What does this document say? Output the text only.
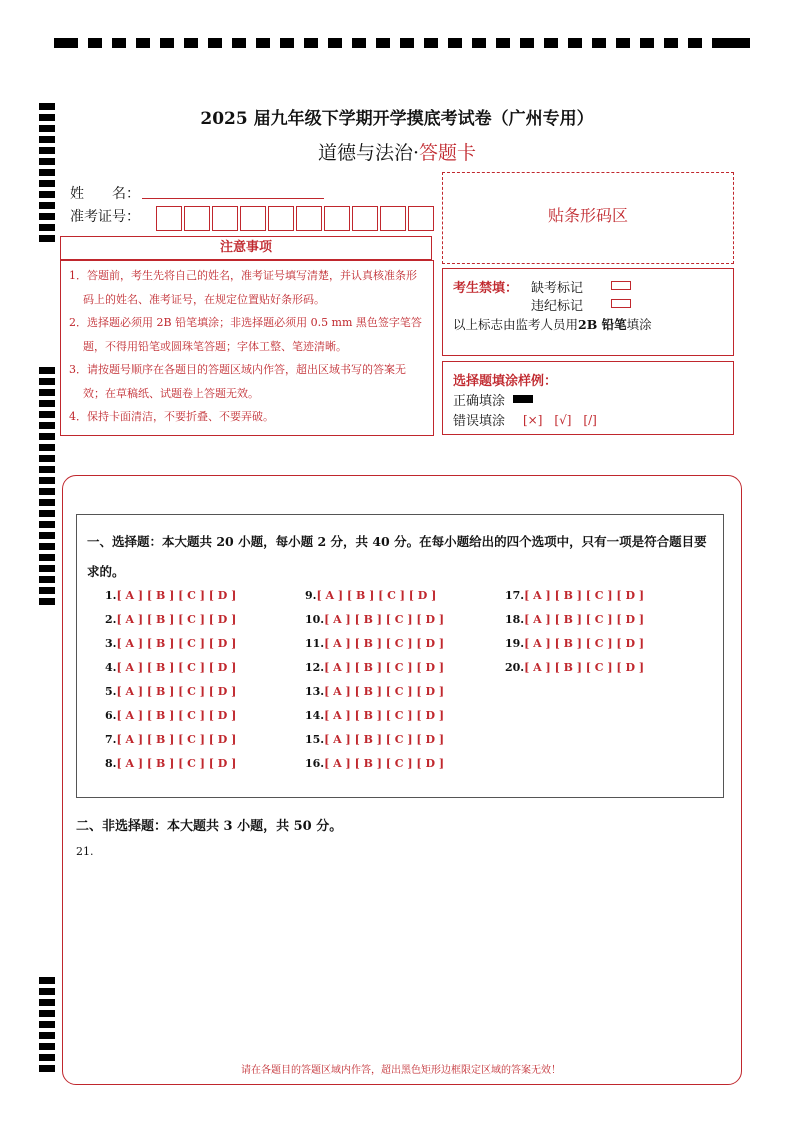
2025 届九年级下学期开学摸底考试卷（广州专用）
道德与法治·答题卡
姓　　名：
准考证号：
注意事项

1．答题前，考生先将自己的姓名，准考证号填写清楚，并认真核准条形码上的姓名、准考证号，在规定位置贴好条形码。

2．选择题必须用 2B 铅笔填涂；非选择题必须用 0.5 mm 黑色签字笔答题，不得用铅笔或圆珠笔答题；字体工整、笔迹清晰。

3．请按题号顺序在各题目的答题区域内作答，超出区域书写的答案无效；在草稿纸、试题卷上答题无效。

4．保持卡面清洁，不要折叠、不要弄破。

贴条形码区
考生禁填： 缺考标记
违纪标记
以上标志由监考人员用2B 铅笔填涂
选择题填涂样例：
正确填涂
错误填涂 [×]　[√]　[/]
一、选择题：本大题共 20 小题，每小题 2 分，共 40 分。在每小题给出的四个选项中，只有一项是符合题目要求的。
1.[ A ] [ B ] [ C ] [ D ]
2.[ A ] [ B ] [ C ] [ D ]
3.[ A ] [ B ] [ C ] [ D ]
4.[ A ] [ B ] [ C ] [ D ]
5.[ A ] [ B ] [ C ] [ D ]
6.[ A ] [ B ] [ C ] [ D ]
7.[ A ] [ B ] [ C ] [ D ]
8.[ A ] [ B ] [ C ] [ D ]
9.[ A ] [ B ] [ C ] [ D ]
10.[ A ] [ B ] [ C ] [ D ]
11.[ A ] [ B ] [ C ] [ D ]
12.[ A ] [ B ] [ C ] [ D ]
13.[ A ] [ B ] [ C ] [ D ]
14.[ A ] [ B ] [ C ] [ D ]
15.[ A ] [ B ] [ C ] [ D ]
16.[ A ] [ B ] [ C ] [ D ]
17.[ A ] [ B ] [ C ] [ D ]
18.[ A ] [ B ] [ C ] [ D ]
19.[ A ] [ B ] [ C ] [ D ]
20.[ A ] [ B ] [ C ] [ D ]
二、非选择题：本大题共 3 小题，共 50 分。
21.
请在各题目的答题区域内作答，超出黑色矩形边框限定区域的答案无效！
